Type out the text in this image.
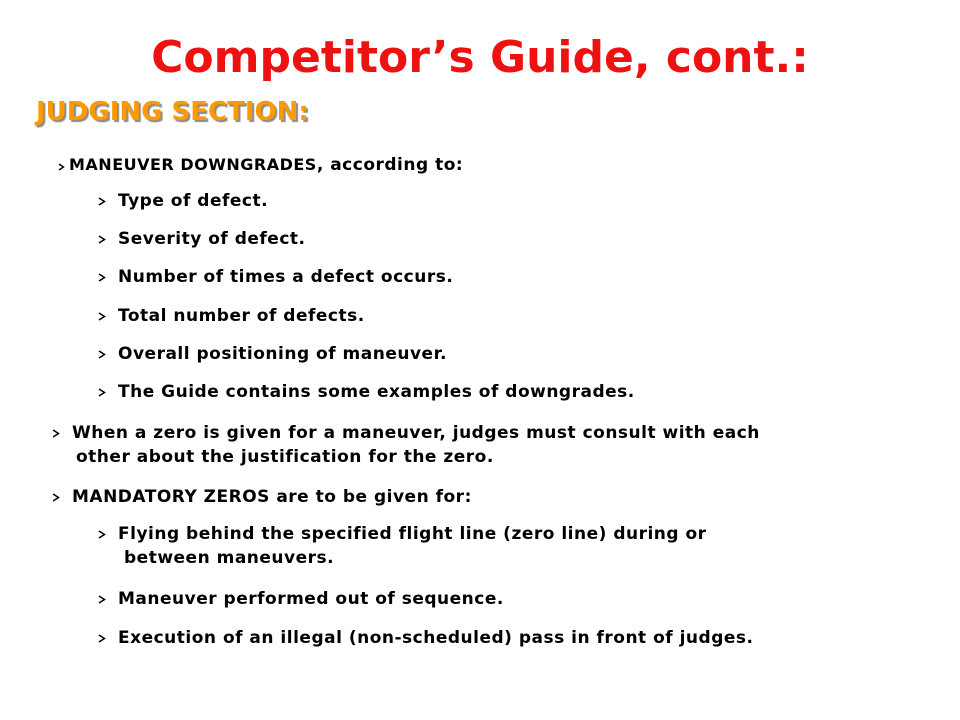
Competitor’s Guide, cont.:
JUDGING SECTION:
MANEUVER DOWNGRADES, according to:
Type of defect.
Severity of defect.
Number of times a defect occurs.
Total number of defects.
Overall positioning of maneuver.
The Guide contains some examples of downgrades.
When a zero is given for a maneuver, judges must consult with each
other about the justification for the zero.
MANDATORY ZEROS are to be given for:
Flying behind the specified flight line (zero line) during or
between maneuvers.
Maneuver performed out of sequence.
Execution of an illegal (non-scheduled) pass in front of judges.
